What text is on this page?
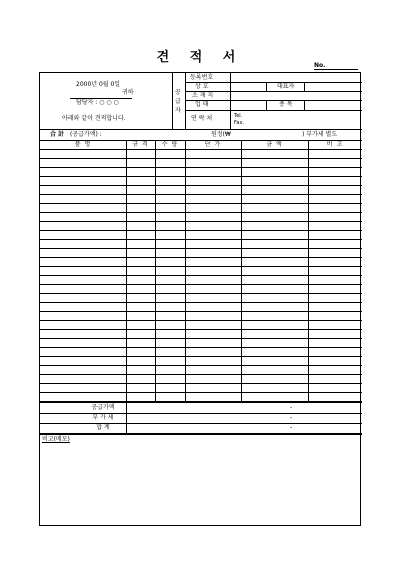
견 적 서
No.
2000년 0월 0일
귀하
담당자 : ○ ○ ○
아래와 같이 견적합니다.
공
급
자
등록번호
상 호	대표자
소 재 지
업 태	종 목
연 락 처	Tel.
Fax.
合 計 (공급가액) :	원정(₩	) 부가세 별도
품 명	규 격	수 량	단 가	금 액	비 고
공급가액	-
부 가 세	-
합 계	-
비고(메모)
